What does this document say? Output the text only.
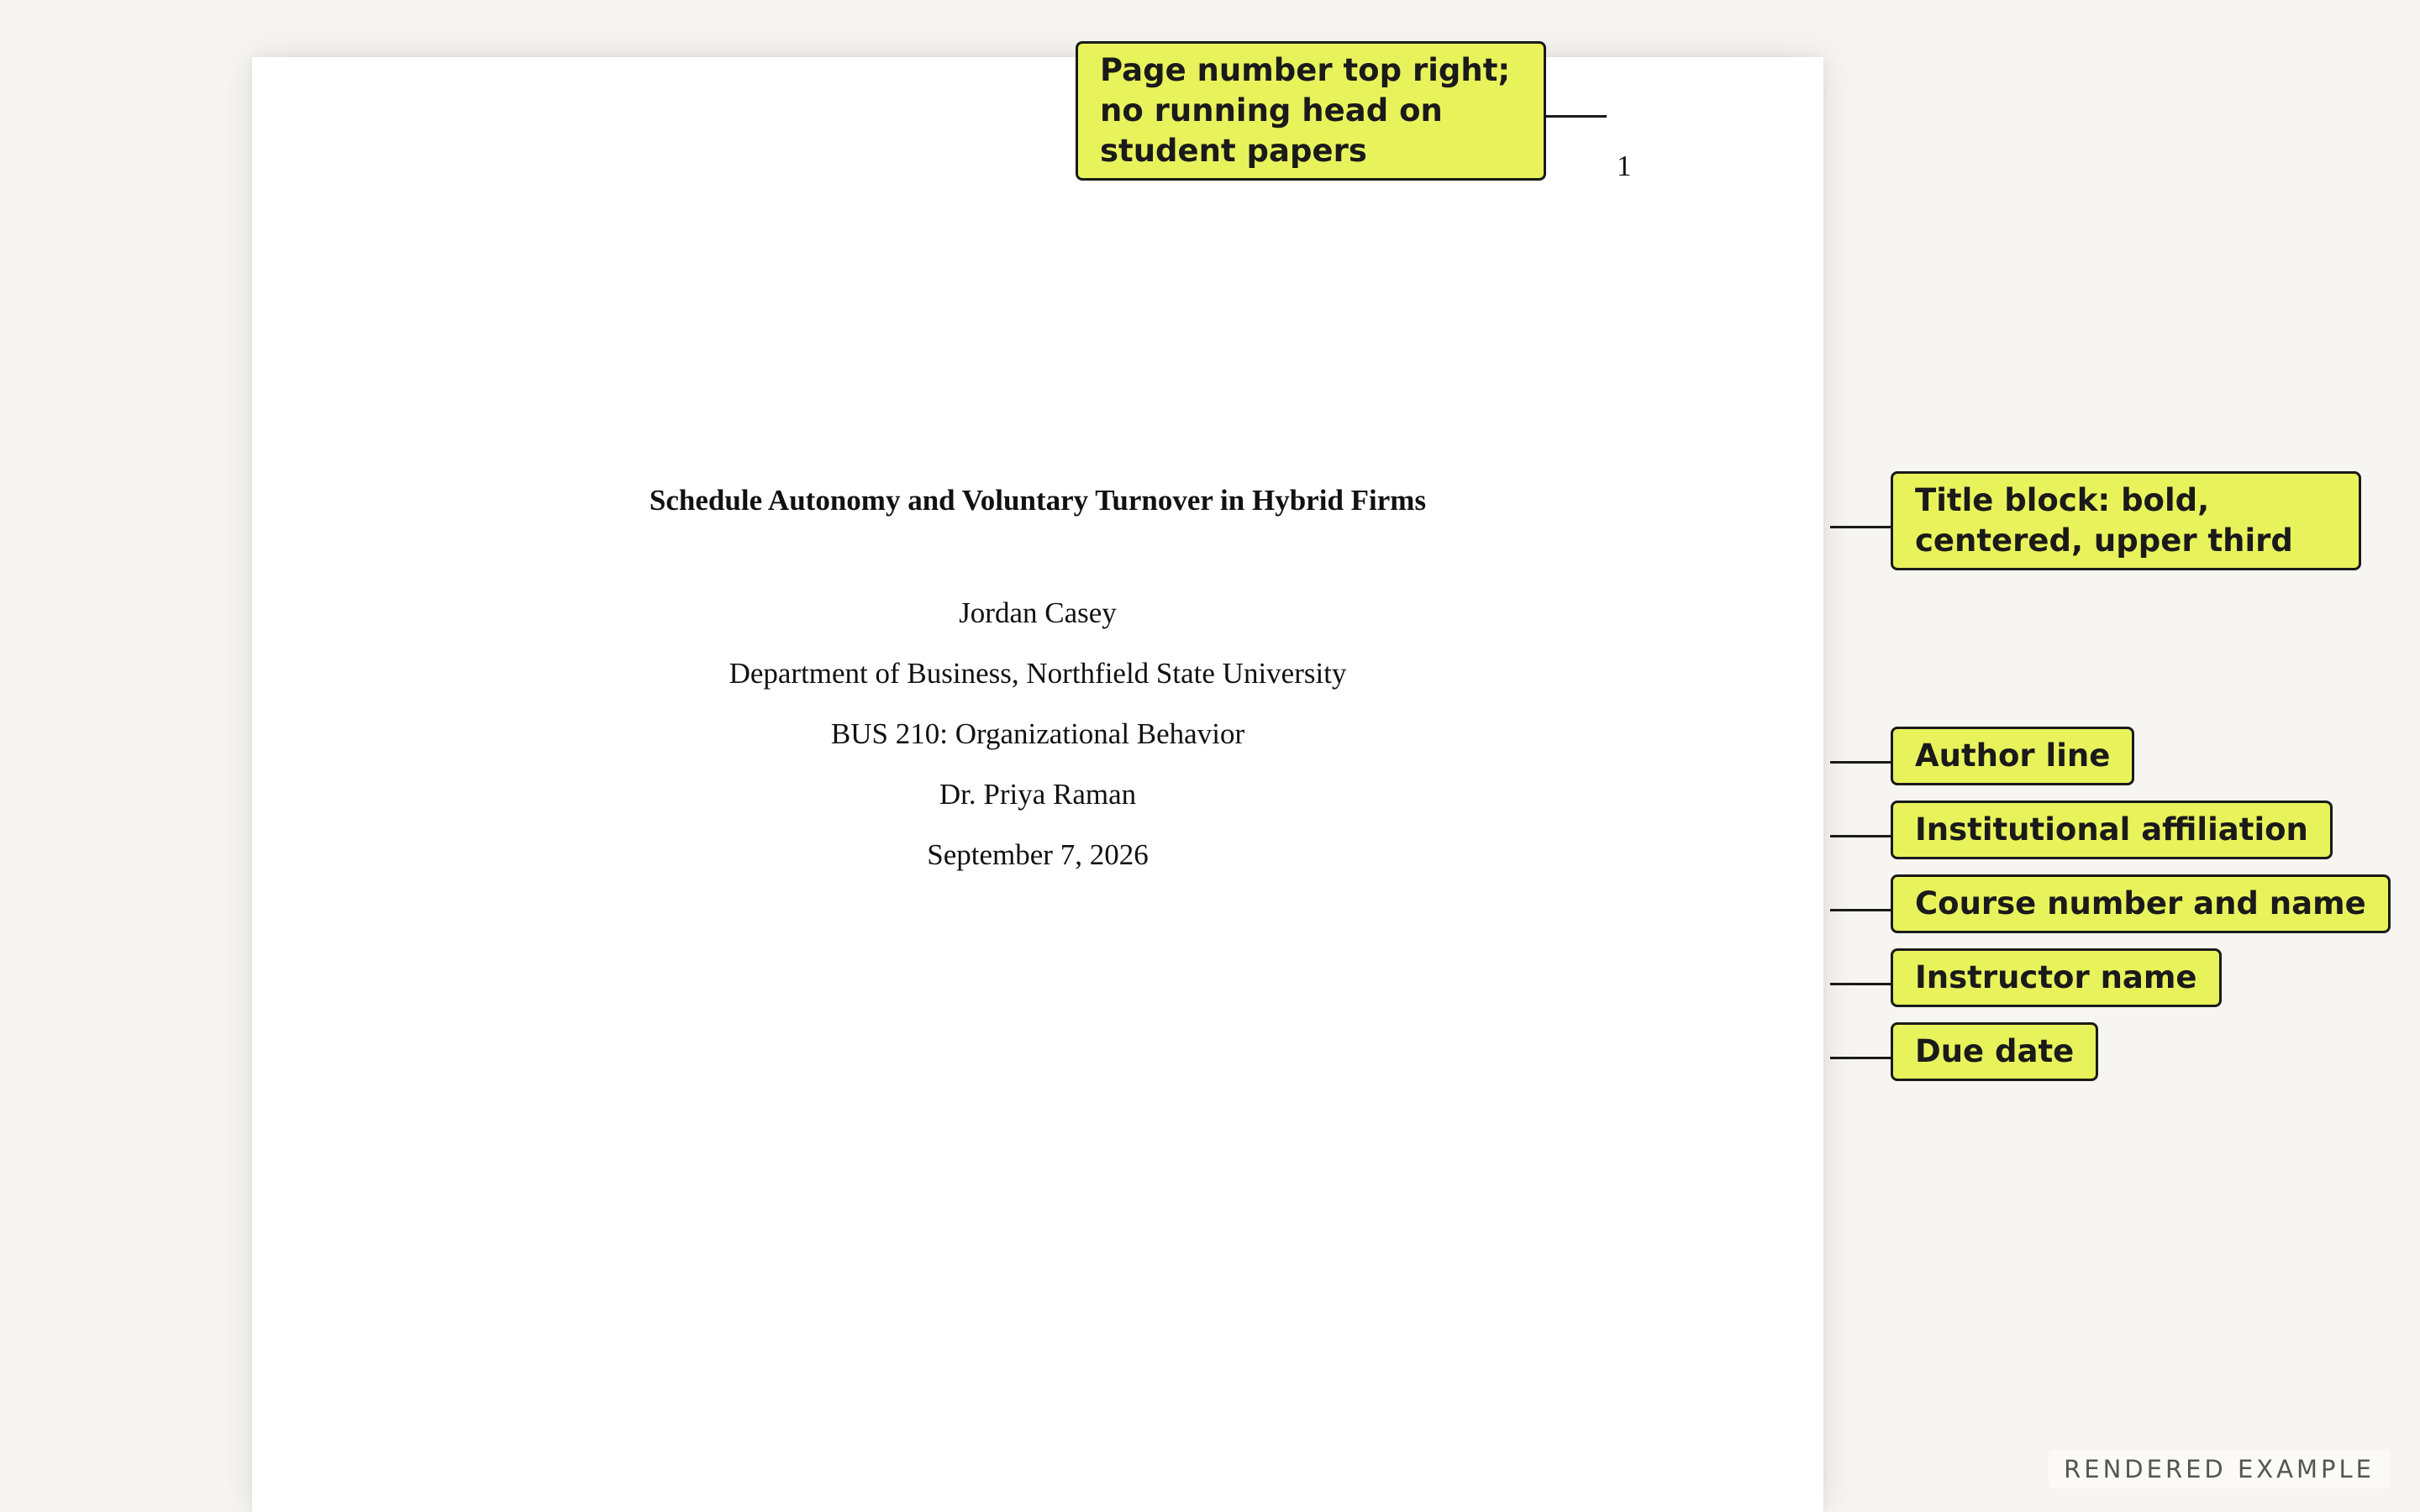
1

Schedule Autonomy and Voluntary Turnover in Hybrid Firms

Jordan Casey

Department of Business, Northfield State University

BUS 210: Organizational Behavior

Dr. Priya Raman

September 7, 2026

Page number top right; no running head on student papers
Title block: bold, centered, upper third
Author line
Institutional affiliation
Course number and name
Instructor name
Due date
RENDERED EXAMPLE
